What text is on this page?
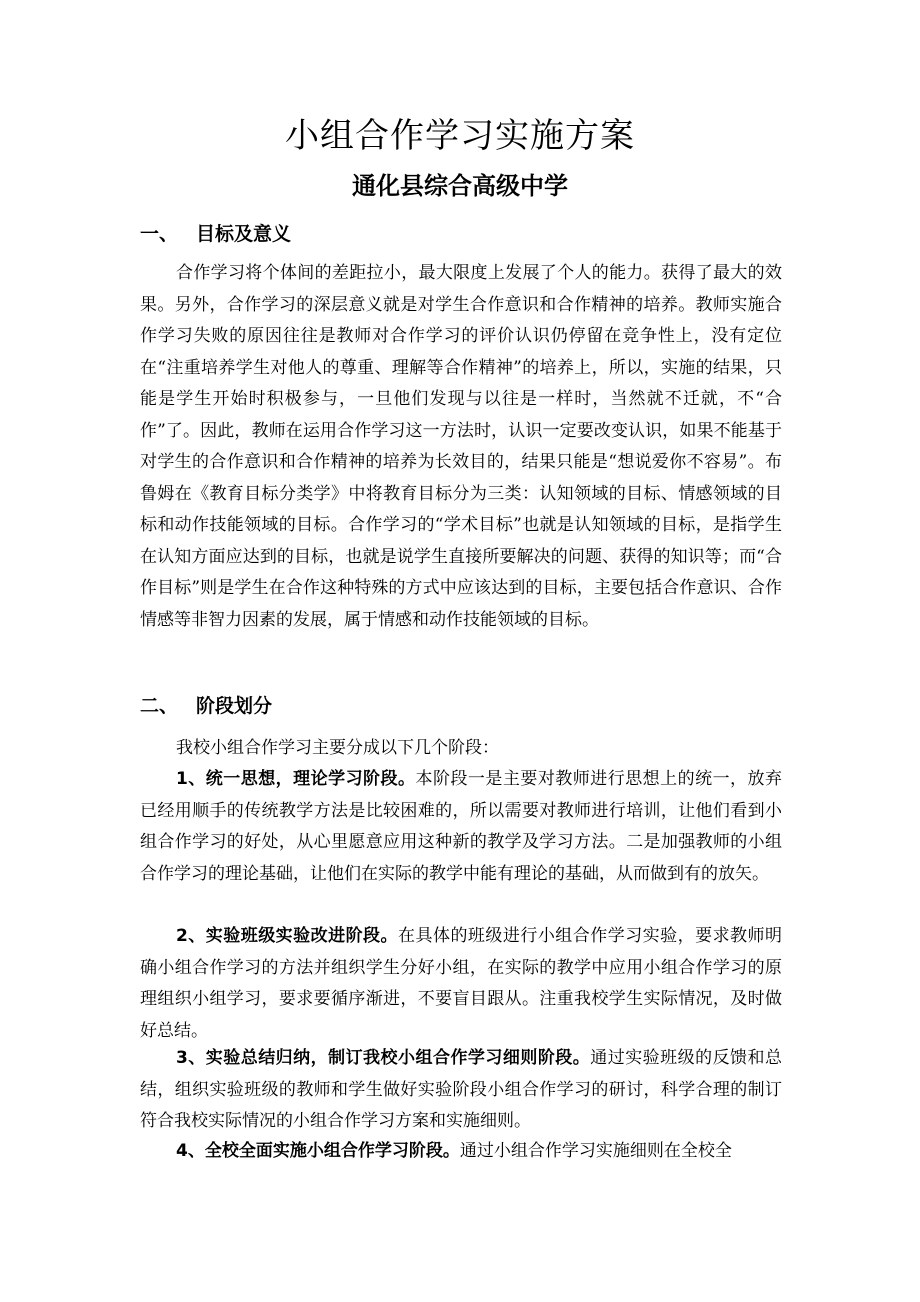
小组合作学习实施方案
通化县综合高级中学
一、 目标及意义
合作学习将个体间的差距拉小，最大限度上发展了个人的能力。获得了最大的效果。另外，合作学习的深层意义就是对学生合作意识和合作精神的培养。教师实施合作学习失败的原因往往是教师对合作学习的评价认识仍停留在竞争性上，没有定位在“注重培养学生对他人的尊重、理解等合作精神”的培养上，所以，实施的结果，只能是学生开始时积极参与，一旦他们发现与以往是一样时，当然就不迁就，不“合作”了。因此，教师在运用合作学习这一方法时，认识一定要改变认识，如果不能基于对学生的合作意识和合作精神的培养为长效目的，结果只能是“想说爱你不容易”。布鲁姆在《教育目标分类学》中将教育目标分为三类：认知领域的目标、情感领域的目标和动作技能领域的目标。合作学习的“学术目标”也就是认知领域的目标，是指学生在认知方面应达到的目标，也就是说学生直接所要解决的问题、获得的知识等；而“合作目标”则是学生在合作这种特殊的方式中应该达到的目标，主要包括合作意识、合作情感等非智力因素的发展，属于情感和动作技能领域的目标。
二、 阶段划分
我校小组合作学习主要分成以下几个阶段：
1、统一思想，理论学习阶段。本阶段一是主要对教师进行思想上的统一，放弃已经用顺手的传统教学方法是比较困难的，所以需要对教师进行培训，让他们看到小组合作学习的好处，从心里愿意应用这种新的教学及学习方法。二是加强教师的小组合作学习的理论基础，让他们在实际的教学中能有理论的基础，从而做到有的放矢。
2、实验班级实验改进阶段。在具体的班级进行小组合作学习实验，要求教师明确小组合作学习的方法并组织学生分好小组，在实际的教学中应用小组合作学习的原理组织小组学习，要求要循序渐进，不要盲目跟从。注重我校学生实际情况，及时做好总结。
3、实验总结归纳，制订我校小组合作学习细则阶段。通过实验班级的反馈和总结，组织实验班级的教师和学生做好实验阶段小组合作学习的研讨，科学合理的制订符合我校实际情况的小组合作学习方案和实施细则。
4、全校全面实施小组合作学习阶段。通过小组合作学习实施细则在全校全
